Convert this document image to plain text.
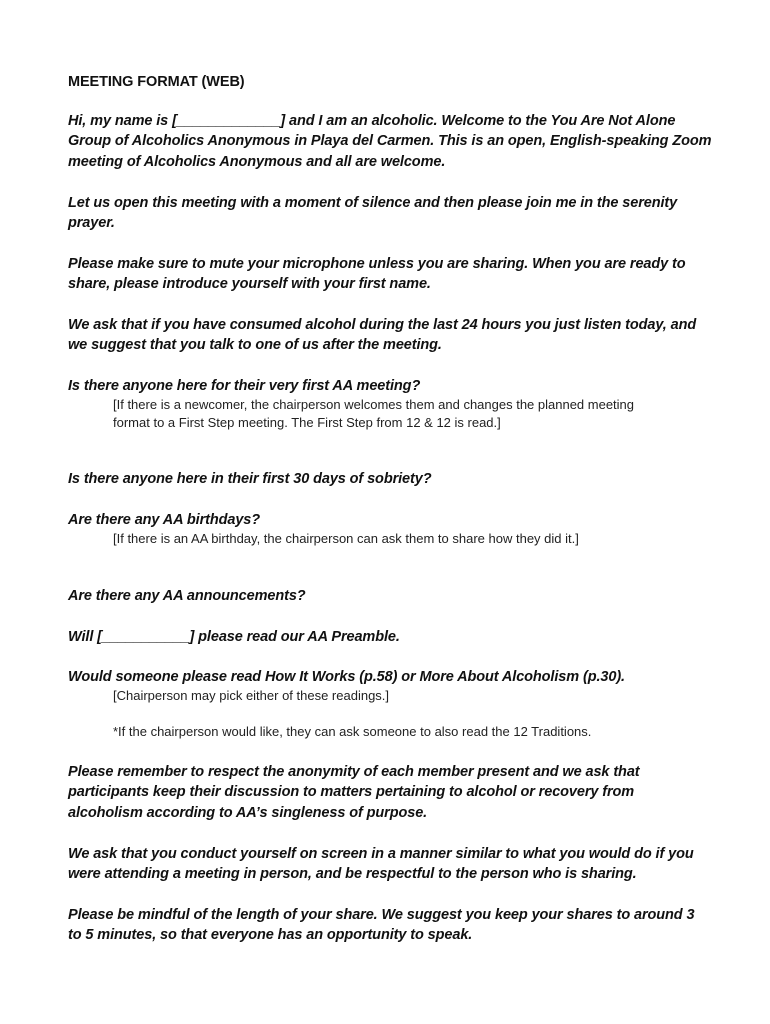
MEETING FORMAT (WEB)
Hi, my name is [_____________] and I am an alcoholic. Welcome to the You Are Not Alone
Group of Alcoholics Anonymous in Playa del Carmen. This is an open, English-speaking Zoom
meeting of Alcoholics Anonymous and all are welcome.
Let us open this meeting with a moment of silence and then please join me in the serenity
prayer.
Please make sure to mute your microphone unless you are sharing. When you are ready to
share, please introduce yourself with your first name.
We ask that if you have consumed alcohol during the last 24 hours you just listen today, and
we suggest that you talk to one of us after the meeting.
Is there anyone here for their very first AA meeting?
[If there is a newcomer, the chairperson welcomes them and changes the planned meeting
format to a First Step meeting. The First Step from 12 & 12 is read.]
Is there anyone here in their first 30 days of sobriety?
Are there any AA birthdays?
[If there is an AA birthday, the chairperson can ask them to share how they did it.]
Are there any AA announcements?
Will [___________] please read our AA Preamble.
Would someone please read How It Works (p.58) or More About Alcoholism (p.30).
[Chairperson may pick either of these readings.]
*If the chairperson would like, they can ask someone to also read the 12 Traditions.
Please remember to respect the anonymity of each member present and we ask that
participants keep their discussion to matters pertaining to alcohol or recovery from
alcoholism according to AA’s singleness of purpose.
We ask that you conduct yourself on screen in a manner similar to what you would do if you
were attending a meeting in person, and be respectful to the person who is sharing.
Please be mindful of the length of your share. We suggest you keep your shares to around 3
to 5 minutes, so that everyone has an opportunity to speak.
